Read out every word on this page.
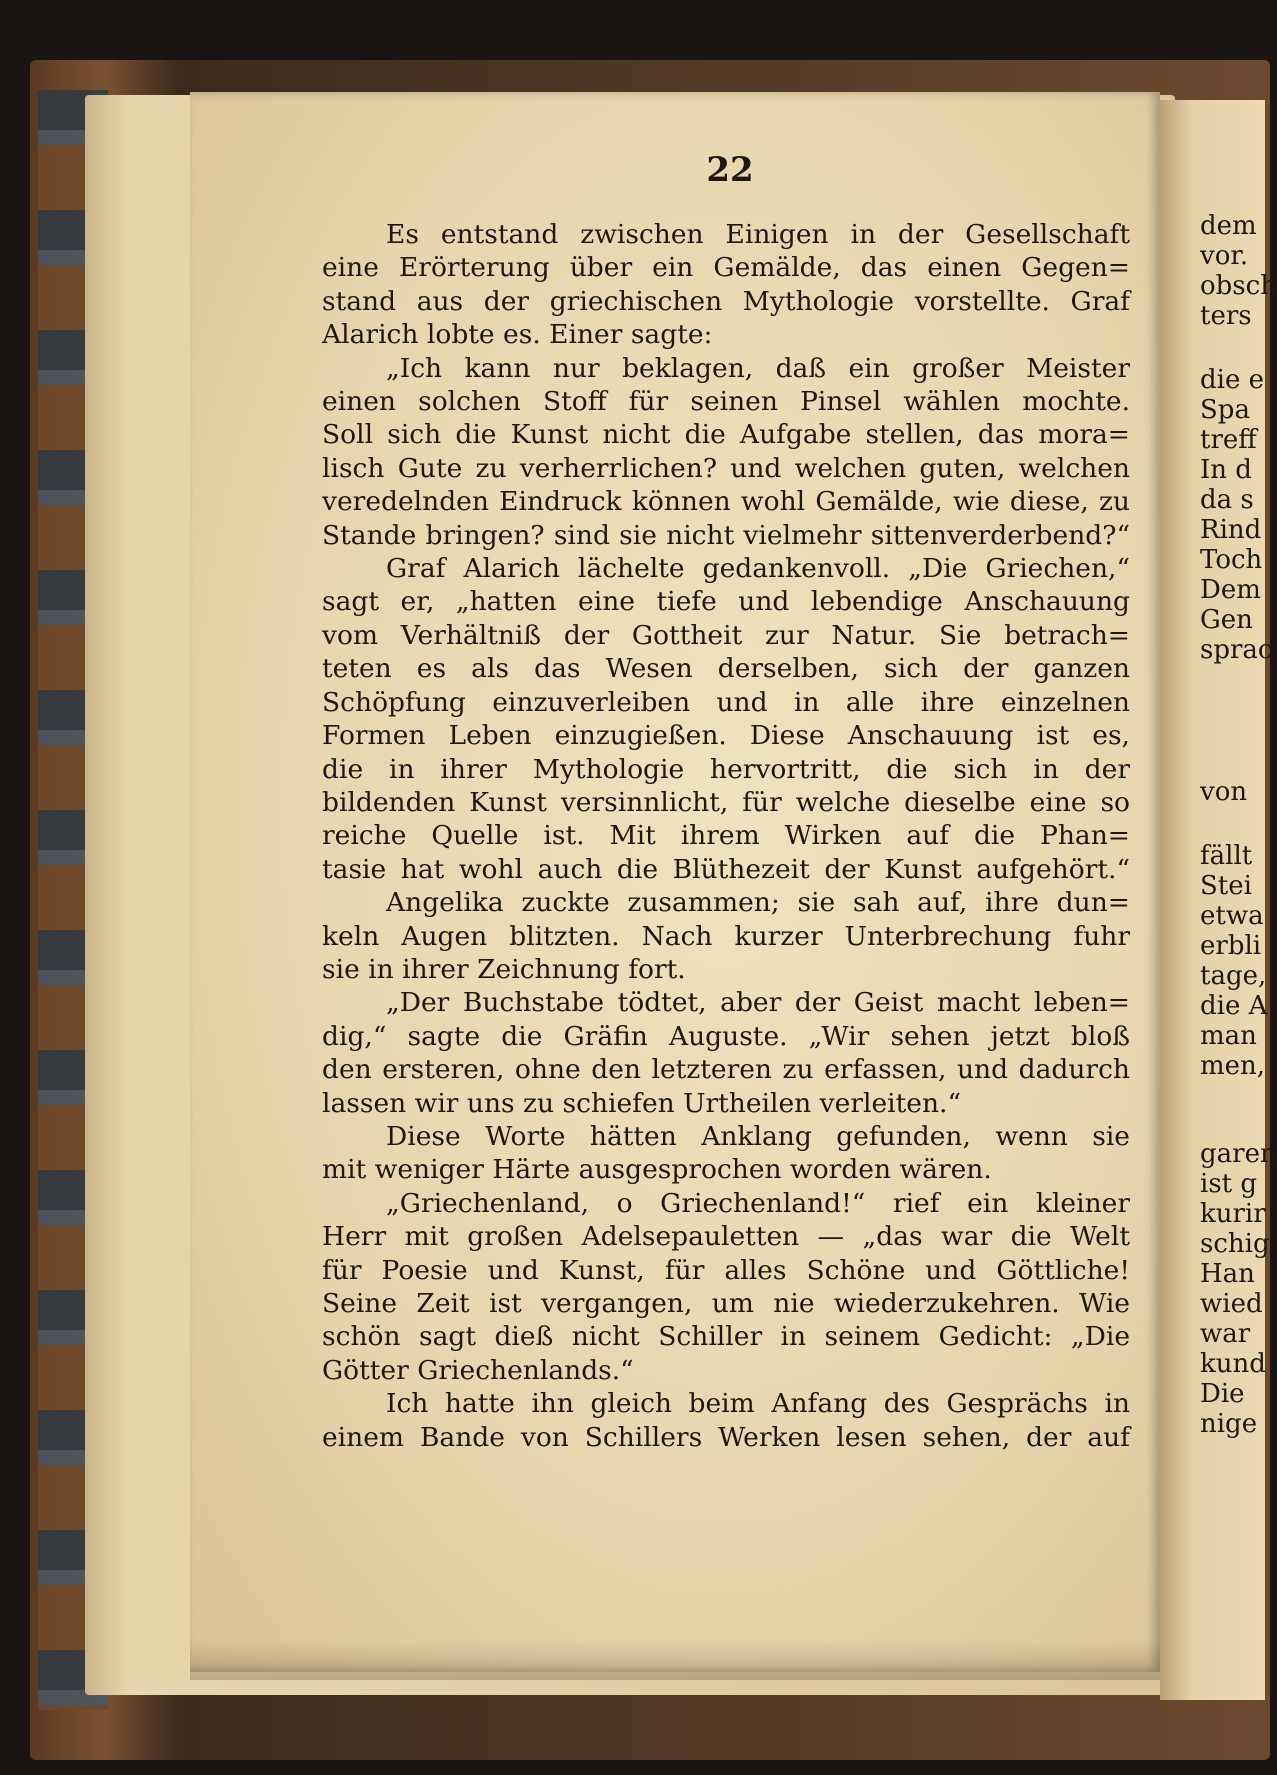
dem
vor.
obsch
ters
die e
Spa
treff
In d
da s
Rind
Toch
Dem
Gen
sprac
von
fällt
Stei
etwa
erbli
tage,
die A
man
men,
garen
ist g
kurir
schig
Han
wied
war
kund
Die
nige
22
Es entstand zwischen Einigen in der Gesellschaft
eine Erörterung über ein Gemälde, das einen Gegen=
stand aus der griechischen Mythologie vorstellte. Graf
Alarich lobte es. Einer sagte:
„Ich kann nur beklagen, daß ein großer Meister
einen solchen Stoff für seinen Pinsel wählen mochte.
Soll sich die Kunst nicht die Aufgabe stellen, das mora=
lisch Gute zu verherrlichen? und welchen guten, welchen
veredelnden Eindruck können wohl Gemälde, wie diese, zu
Stande bringen? sind sie nicht vielmehr sittenverderbend?“
Graf Alarich lächelte gedankenvoll. „Die Griechen,“
sagt er, „hatten eine tiefe und lebendige Anschauung
vom Verhältniß der Gottheit zur Natur. Sie betrach=
teten es als das Wesen derselben, sich der ganzen
Schöpfung einzuverleiben und in alle ihre einzelnen
Formen Leben einzugießen. Diese Anschauung ist es,
die in ihrer Mythologie hervortritt, die sich in der
bildenden Kunst versinnlicht, für welche dieselbe eine so
reiche Quelle ist. Mit ihrem Wirken auf die Phan=
tasie hat wohl auch die Blüthezeit der Kunst aufgehört.“
Angelika zuckte zusammen; sie sah auf, ihre dun=
keln Augen blitzten. Nach kurzer Unterbrechung fuhr
sie in ihrer Zeichnung fort.
„Der Buchstabe tödtet, aber der Geist macht leben=
dig,“ sagte die Gräfin Auguste. „Wir sehen jetzt bloß
den ersteren, ohne den letzteren zu erfassen, und dadurch
lassen wir uns zu schiefen Urtheilen verleiten.“
Diese Worte hätten Anklang gefunden, wenn sie
mit weniger Härte ausgesprochen worden wären.
„Griechenland, o Griechenland!“ rief ein kleiner
Herr mit großen Adelsepauletten — „das war die Welt
für Poesie und Kunst, für alles Schöne und Göttliche!
Seine Zeit ist vergangen, um nie wiederzukehren. Wie
schön sagt dieß nicht Schiller in seinem Gedicht: „Die
Götter Griechenlands.“
Ich hatte ihn gleich beim Anfang des Gesprächs in
einem Bande von Schillers Werken lesen sehen, der auf
